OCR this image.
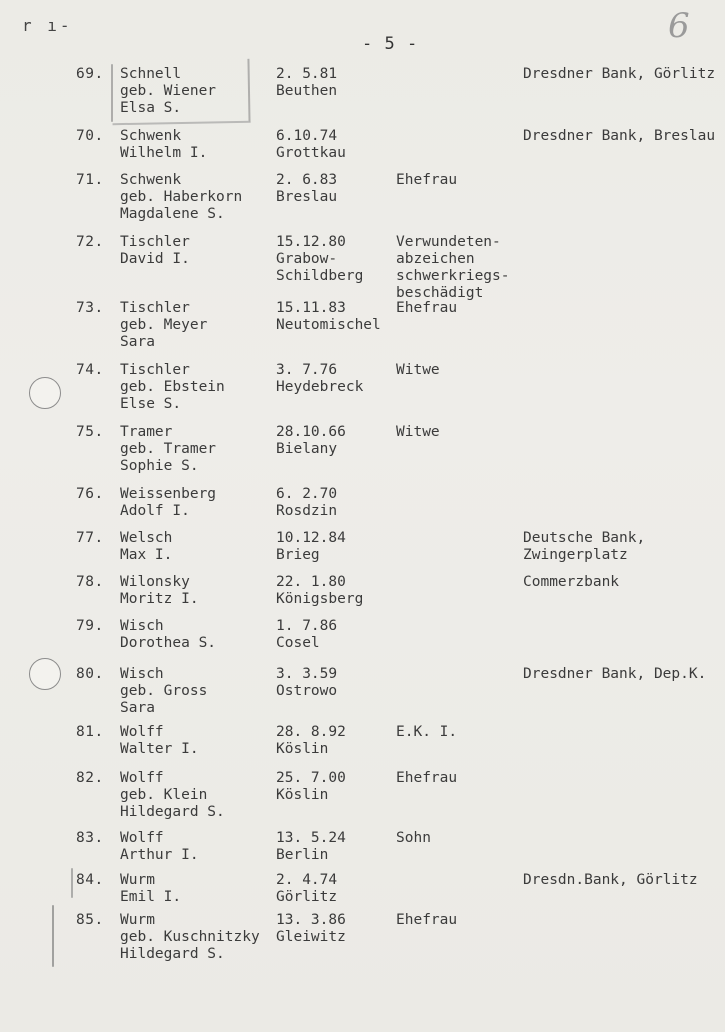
r ı-
- 5 -	6
69. Schnell
geb. Wiener
Elsa S.
2. 5.81
Beuthen
Dresdner Bank, Görlitz
70. Schwenk
Wilhelm I.
6.10.74
Grottkau
Dresdner Bank, Breslau
71. Schwenk
geb. Haberkorn
Magdalene S.
2. 6.83
Breslau
Ehefrau
72. Tischler
David I.
15.12.80
Grabow-
Schildberg
Verwundeten-
abzeichen
schwerkriegs-
beschädigt
73. Tischler
geb. Meyer
Sara
15.11.83
Neutomischel
Ehefrau
74. Tischler
geb. Ebstein
Else S.
3. 7.76
Heydebreck
Witwe
75. Tramer
geb. Tramer
Sophie S.
28.10.66
Bielany
Witwe
76. Weissenberg
Adolf I.
6. 2.70
Rosdzin
77. Welsch
Max I.
10.12.84
Brieg
Deutsche Bank,
Zwingerplatz
78. Wilonsky
Moritz I.
22. 1.80
Königsberg
Commerzbank
79. Wisch
Dorothea S.
1. 7.86
Cosel
80. Wisch
geb. Gross
Sara
3. 3.59
Ostrowo
Dresdner Bank, Dep.K.
81. Wolff
Walter I.
28. 8.92
Köslin
E.K. I.
82. Wolff
geb. Klein
Hildegard S.
25. 7.00
Köslin
Ehefrau
83. Wolff
Arthur I.
13. 5.24
Berlin
Sohn
84. Wurm
Emil I.
2. 4.74
Görlitz
Dresdn.Bank, Görlitz
85. Wurm
geb. Kuschnitzky
Hildegard S.
13. 3.86
Gleiwitz
Ehefrau
